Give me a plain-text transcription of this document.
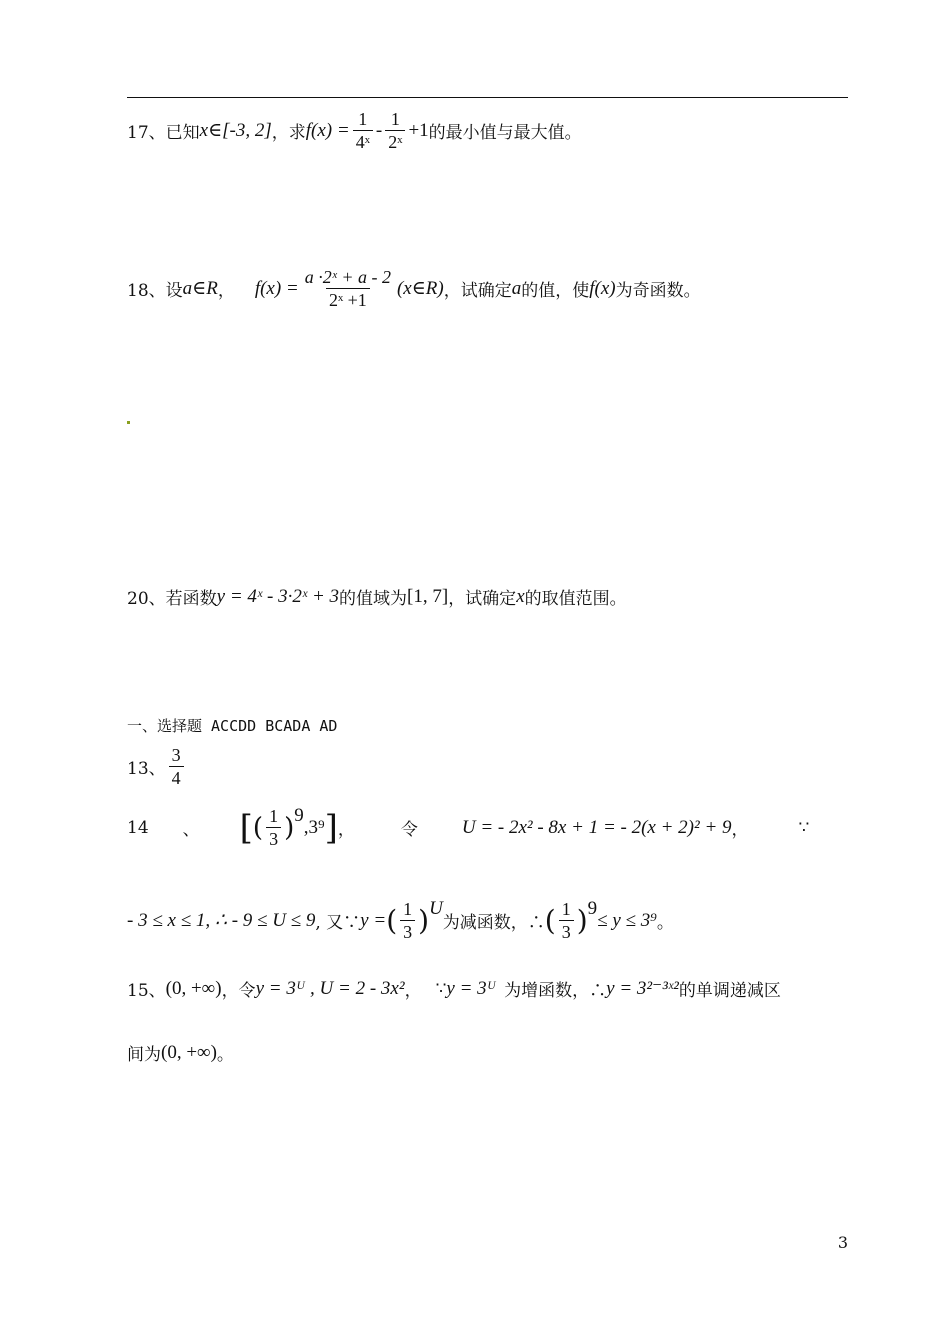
17、 已知 x∈[-3, 2] ，求 $f(x) = \frac{1}{\text{4ˣ}} - \frac{1}{\text{2ˣ}} +1$ 的最小值与最大值。
18、 设 a∈R ， $f(x) = \frac{\text{a ·2ˣ + a - 2}}{\text{2ˣ +1}}$ (x∈R) ，试确定 a 的值，使 f(x) 为奇函数。
20、 若函数 y = 4ˣ - 3·2ˣ + 3 的值域为 [1, 7] ，试确定 x 的取值范围。
一、选择题 ACCDD BCADA AD
13、 $\frac{3}{4}$
14 、 [ ( $\frac{1}{3}$ ) 9
,3⁹ ] ，	令 U = - 2x² - 8x + 1 = - 2(x + 2)² + 9 ，	∵
- 3 ≤ x ≤ 1, ∴ - 9 ≤ U ≤ 9 , 又∵ y = ( $\frac{1}{3}$ ) U
为减函数，∴ ( $\frac{1}{3}$ ) 9
≤ y ≤ 3⁹ 。
15、 (0, +∞) ，令 y = 3ᵁ , U = 2 - 3x² ， ∵ y = 3ᵁ 为增函数，∴ y = 3²⁻³ˣ² 的单调递减区
间为 (0, +∞) 。
3
